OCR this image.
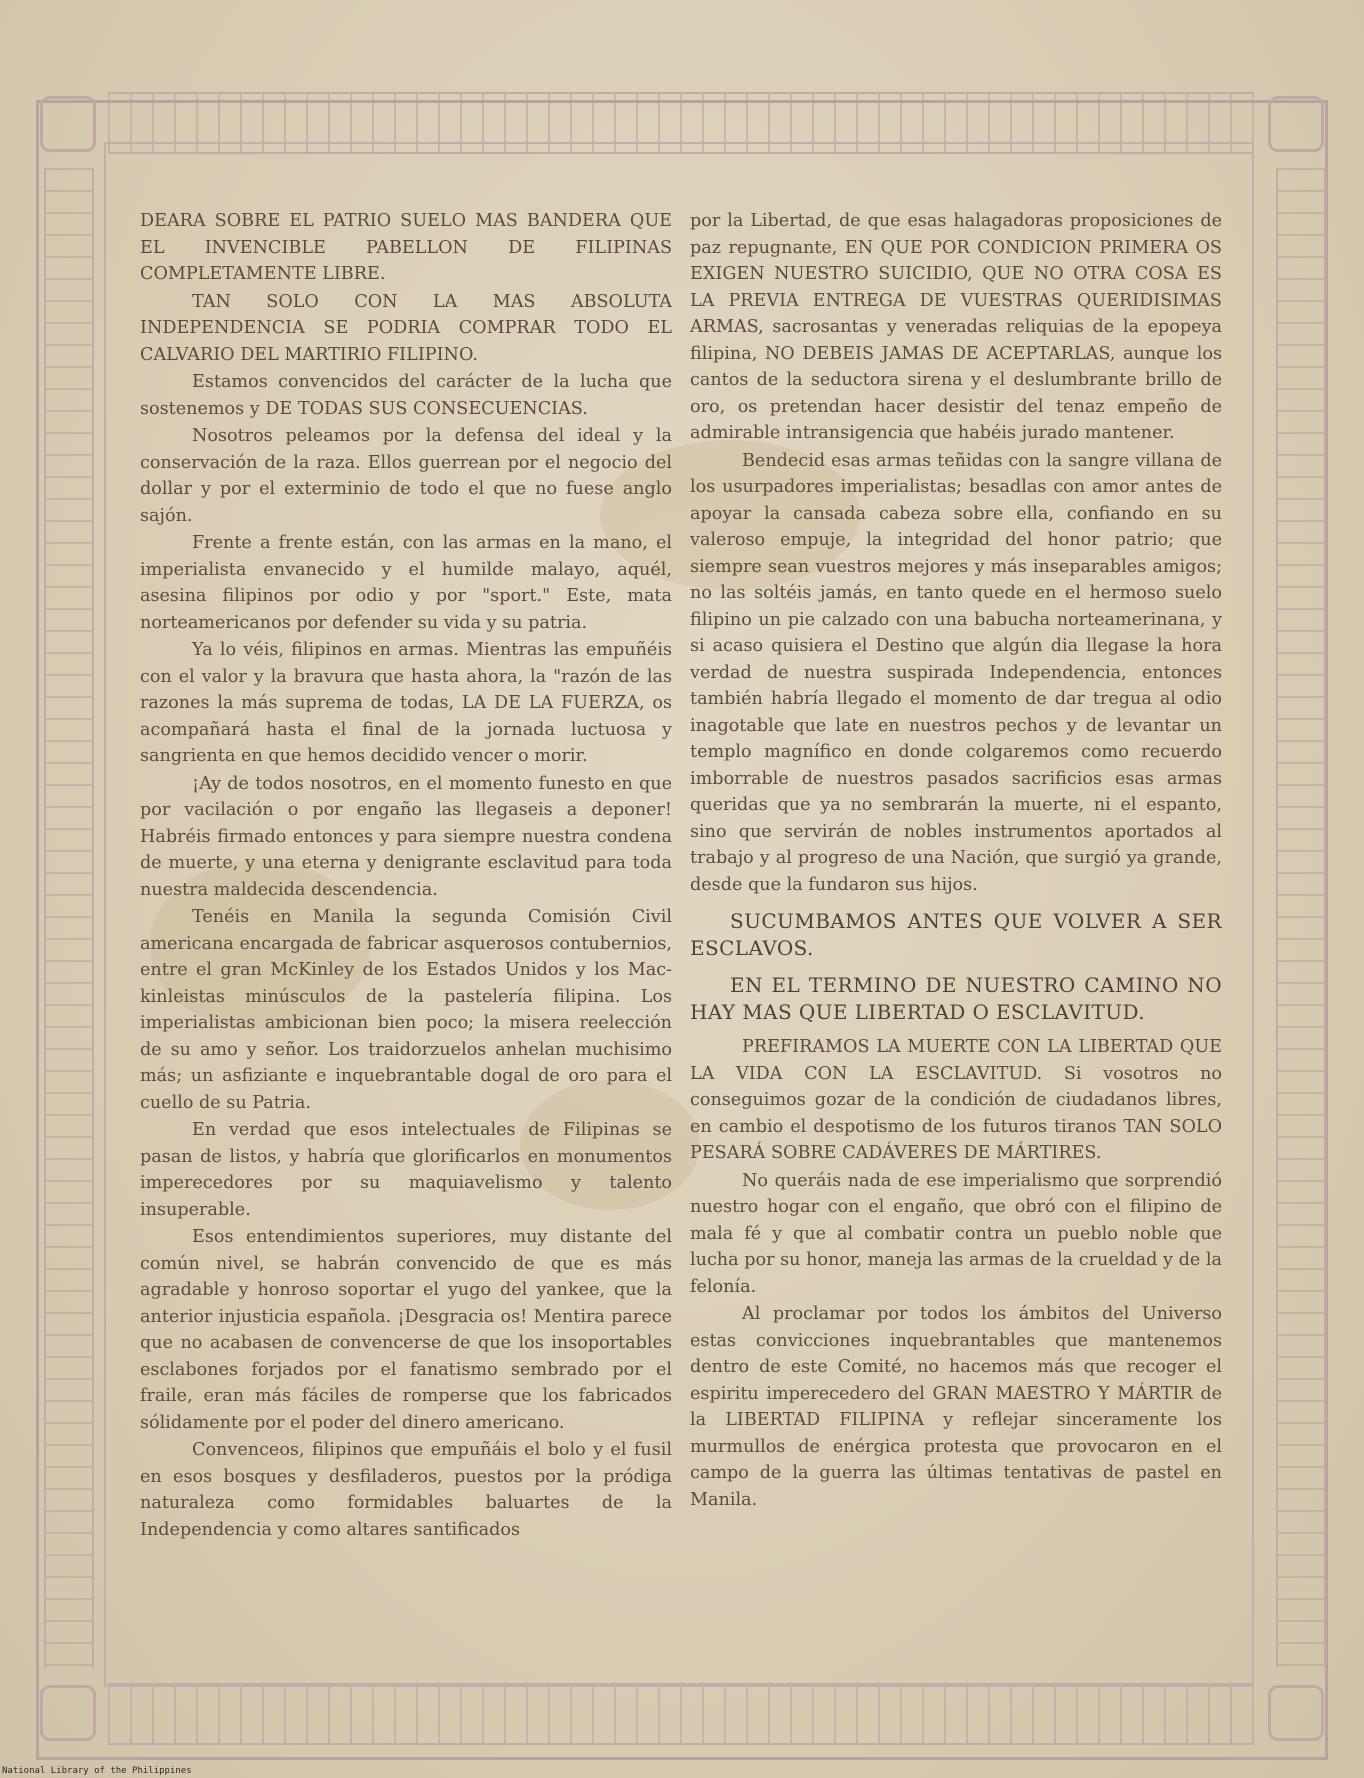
DEARA SOBRE EL PATRIO SUELO MAS BANDERA QUE EL INVENCIBLE PABELLON DE FILIPINAS COMPLETAMENTE LIBRE.

TAN SOLO CON LA MAS ABSOLUTA INDEPENDENCIA SE PODRIA COMPRAR TODO EL CALVARIO DEL MARTIRIO FILIPINO.

Estamos convencidos del carácter de la lucha que sostenemos y DE TODAS SUS CONSECUENCIAS.

Nosotros peleamos por la defensa del ideal y la conservación de la raza. Ellos guerrean por el negocio del dollar y por el exterminio de todo el que no fuese anglo sajón.

Frente a frente están, con las armas en la mano, el imperialista envanecido y el humilde malayo, aquél, asesina filipinos por odio y por "sport." Este, mata norteamericanos por defender su vida y su patria.

Ya lo véis, filipinos en armas. Mientras las empuñéis con el valor y la bravura que hasta ahora, la "razón de las razones la más suprema de todas, LA DE LA FUERZA, os acompañará hasta el final de la jornada luctuosa y sangrienta en que hemos decidido vencer o morir.

¡Ay de todos nosotros, en el momento funesto en que por vacilación o por engaño las llegaseis a deponer! Habréis firmado entonces y para siempre nuestra condena de muerte, y una eterna y denigrante esclavitud para toda nuestra maldecida descendencia.

Tenéis en Manila la segunda Comisión Civil americana encargada de fabricar asquerosos contubernios, entre el gran McKinley de los Estados Unidos y los Mac-kinleistas minúsculos de la pastelería filipina. Los imperialistas ambicionan bien poco; la misera reelección de su amo y señor. Los traidorzuelos anhelan muchisimo más; un asfiziante e inquebrantable dogal de oro para el cuello de su Patria.

En verdad que esos intelectuales de Filipinas se pasan de listos, y habría que glorificarlos en monumentos imperecedores por su maquiavelismo y talento insuperable.

Esos entendimientos superiores, muy distante del común nivel, se habrán convencido de que es más agradable y honroso soportar el yugo del yankee, que la anterior injusticia española. ¡Desgracia os! Mentira parece que no acabasen de convencerse de que los insoportables esclabones forjados por el fanatismo sembrado por el fraile, eran más fáciles de romperse que los fabricados sólidamente por el poder del dinero americano.

Convenceos, filipinos que empuñáis el bolo y el fusil en esos bosques y desfiladeros, puestos por la pródiga naturaleza como formidables baluartes de la Independencia y como altares santificados

por la Libertad, de que esas halagadoras proposiciones de paz repugnante, EN QUE POR CONDICION PRIMERA OS EXIGEN NUESTRO SUICIDIO, QUE NO OTRA COSA ES LA PREVIA ENTREGA DE VUESTRAS QUERIDISIMAS ARMAS, sacrosantas y veneradas reliquias de la epopeya filipina, NO DEBEIS JAMAS DE ACEPTARLAS, aunque los cantos de la seductora sirena y el deslumbrante brillo de oro, os pretendan hacer desistir del tenaz empeño de admirable intransigencia que habéis jurado mantener.

Bendecid esas armas teñidas con la sangre villana de los usurpadores imperialistas; besadlas con amor antes de apoyar la cansada cabeza sobre ella, confiando en su valeroso empuje, la integridad del honor patrio; que siempre sean vuestros mejores y más inseparables amigos; no las soltéis jamás, en tanto quede en el hermoso suelo filipino un pie calzado con una babucha norteamerinana, y si acaso quisiera el Destino que algún dia llegase la hora verdad de nuestra suspirada Independencia, entonces también habría llegado el momento de dar tregua al odio inagotable que late en nuestros pechos y de levantar un templo magnífico en donde colgaremos como recuerdo imborrable de nuestros pasados sacrificios esas armas queridas que ya no sembrarán la muerte, ni el espanto, sino que servirán de nobles instrumentos aportados al trabajo y al progreso de una Nación, que surgió ya grande, desde que la fundaron sus hijos.

SUCUMBAMOS ANTES QUE VOLVER A SER ESCLAVOS.

EN EL TERMINO DE NUESTRO CAMINO NO HAY MAS QUE LIBERTAD O ESCLAVITUD.

PREFIRAMOS LA MUERTE CON LA LIBERTAD QUE LA VIDA CON LA ESCLAVITUD. Si vosotros no conseguimos gozar de la condición de ciudadanos libres, en cambio el despotismo de los futuros tiranos TAN SOLO PESARÁ SOBRE CADÁVERES DE MÁRTIRES.

No queráis nada de ese imperialismo que sorprendió nuestro hogar con el engaño, que obró con el filipino de mala fé y que al combatir contra un pueblo noble que lucha por su honor, maneja las armas de la crueldad y de la felonía.

Al proclamar por todos los ámbitos del Universo estas convicciones inquebrantables que mantenemos dentro de este Comité, no hacemos más que recoger el espiritu imperecedero del GRAN MAESTRO Y MÁRTIR de la LIBERTAD FILIPINA y reflejar sinceramente los murmullos de enérgica protesta que provocaron en el campo de la guerra las últimas tentativas de pastel en Manila.

National Library of the Philippines
